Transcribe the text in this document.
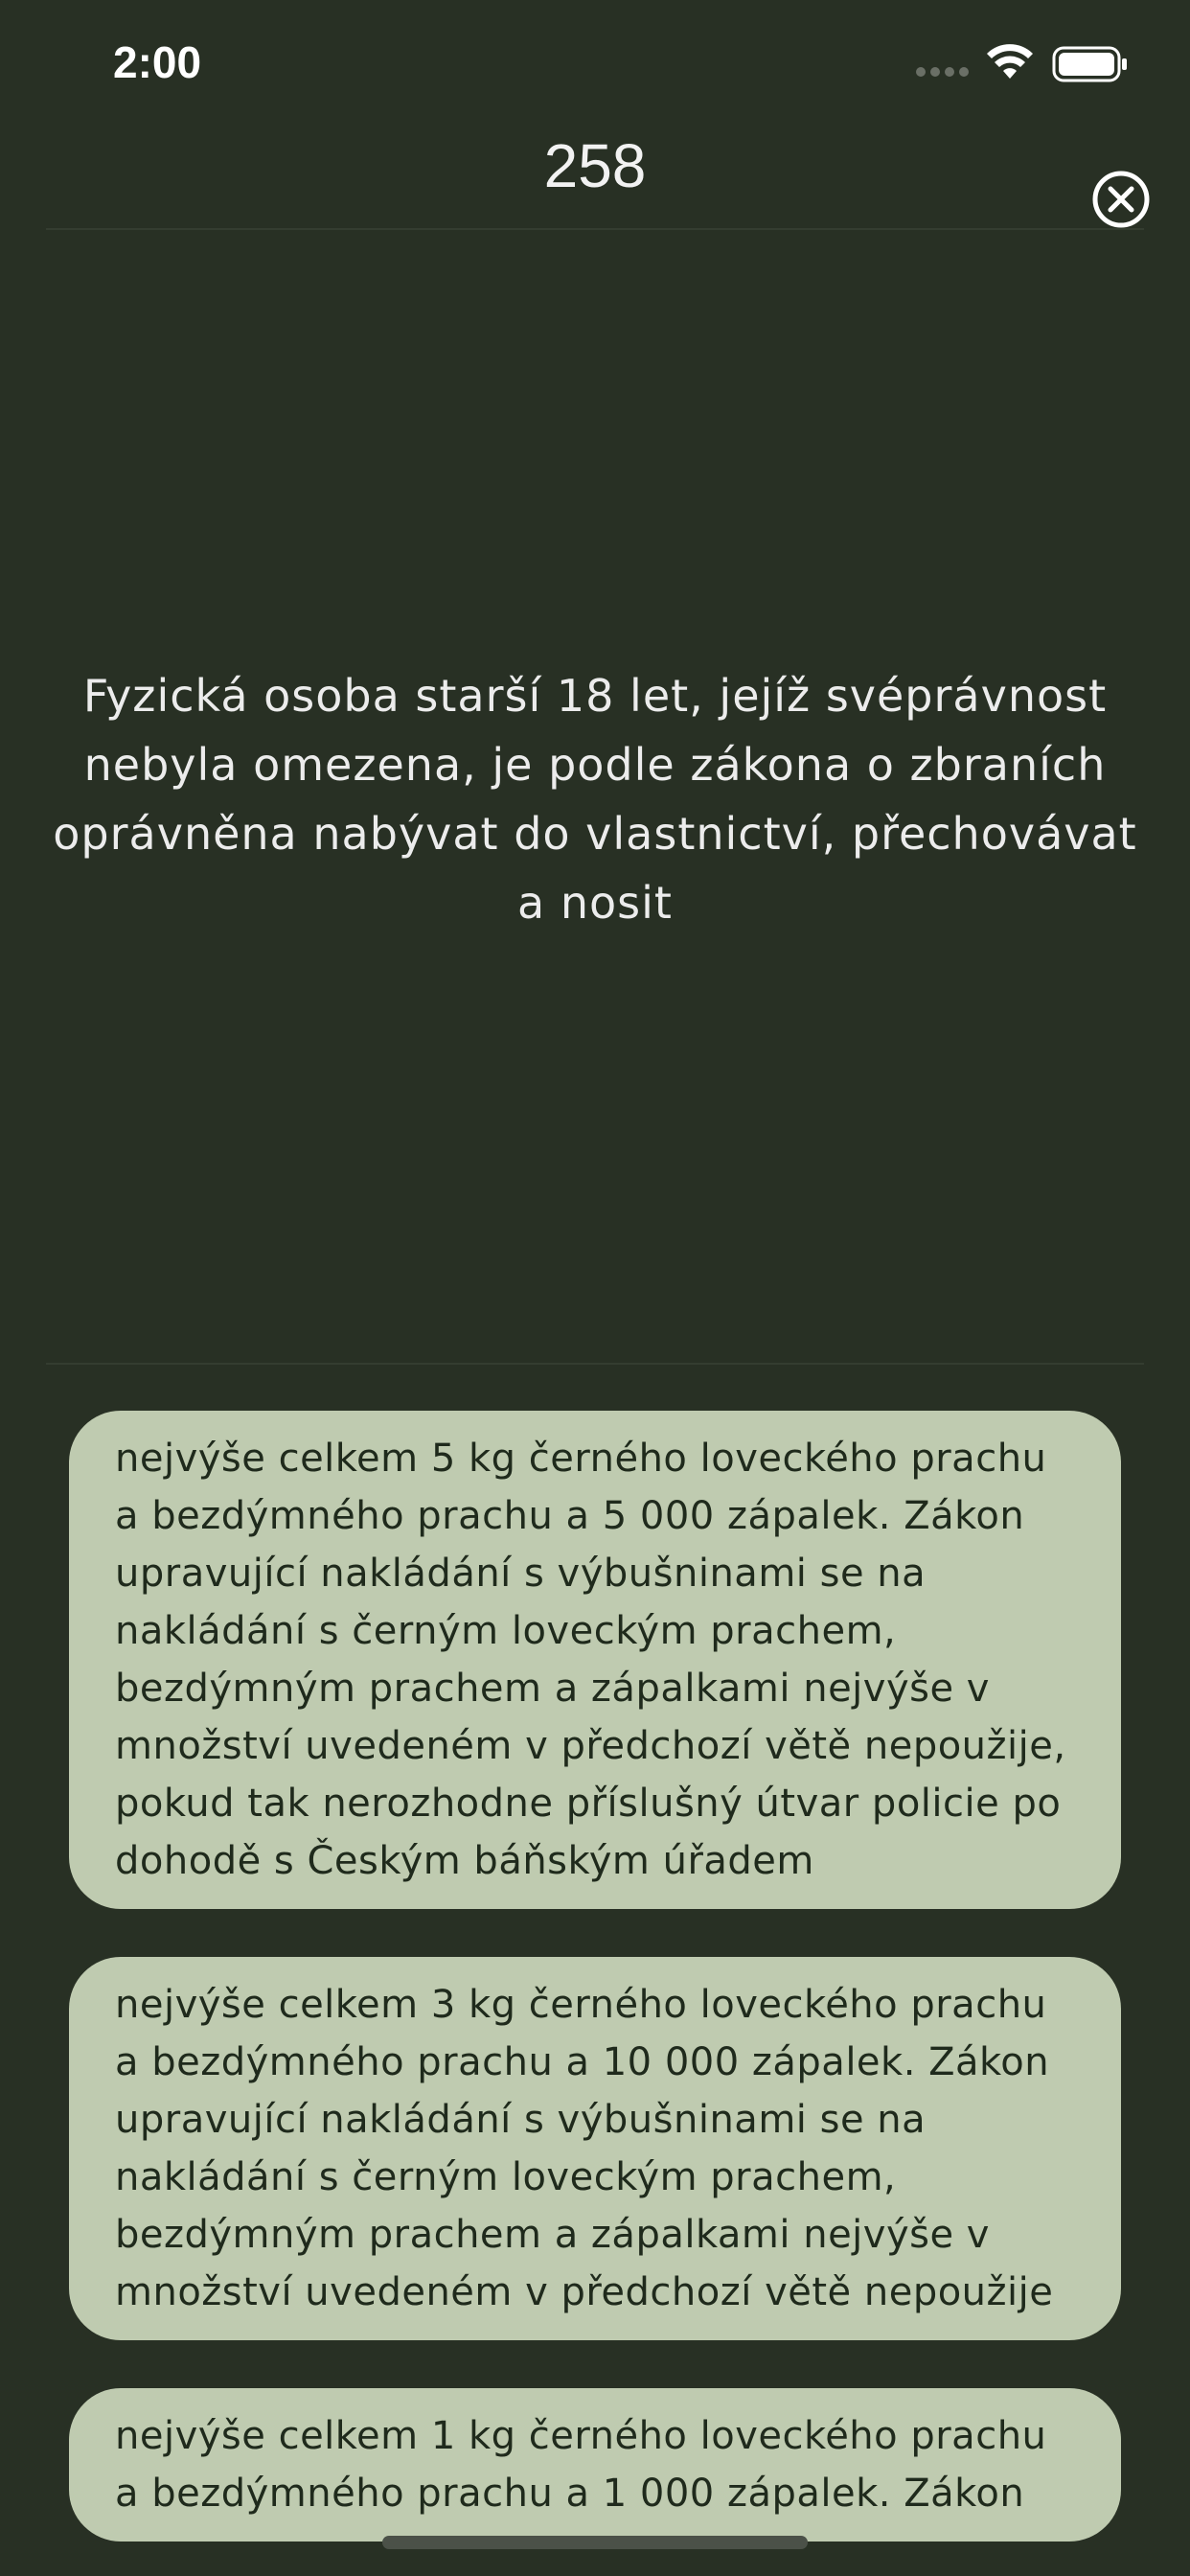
2:00
258
Fyzická osoba starší 18 let, jejíž svéprávnost nebyla omezena, je podle zákona o zbraních oprávněna nabývat do vlastnictví, přechovávat a nosit
nejvýše celkem 5 kg černého loveckého prachu a bezdýmného prachu a 5 000 zápalek. Zákon upravující nakládání s výbušninami se na nakládání s černým loveckým prachem, bezdýmným prachem a zápalkami nejvýše v množství uvedeném v předchozí větě nepoužije, pokud tak nerozhodne příslušný útvar policie po dohodě s Českým báňským úřadem
nejvýše celkem 3 kg černého loveckého prachu a bezdýmného prachu a 10 000 zápalek. Zákon upravující nakládání s výbušninami se na nakládání s černým loveckým prachem, bezdýmným prachem a zápalkami nejvýše v množství uvedeném v předchozí větě nepoužije
nejvýše celkem 1 kg černého loveckého prachu a bezdýmného prachu a 1 000 zápalek. Zákon
